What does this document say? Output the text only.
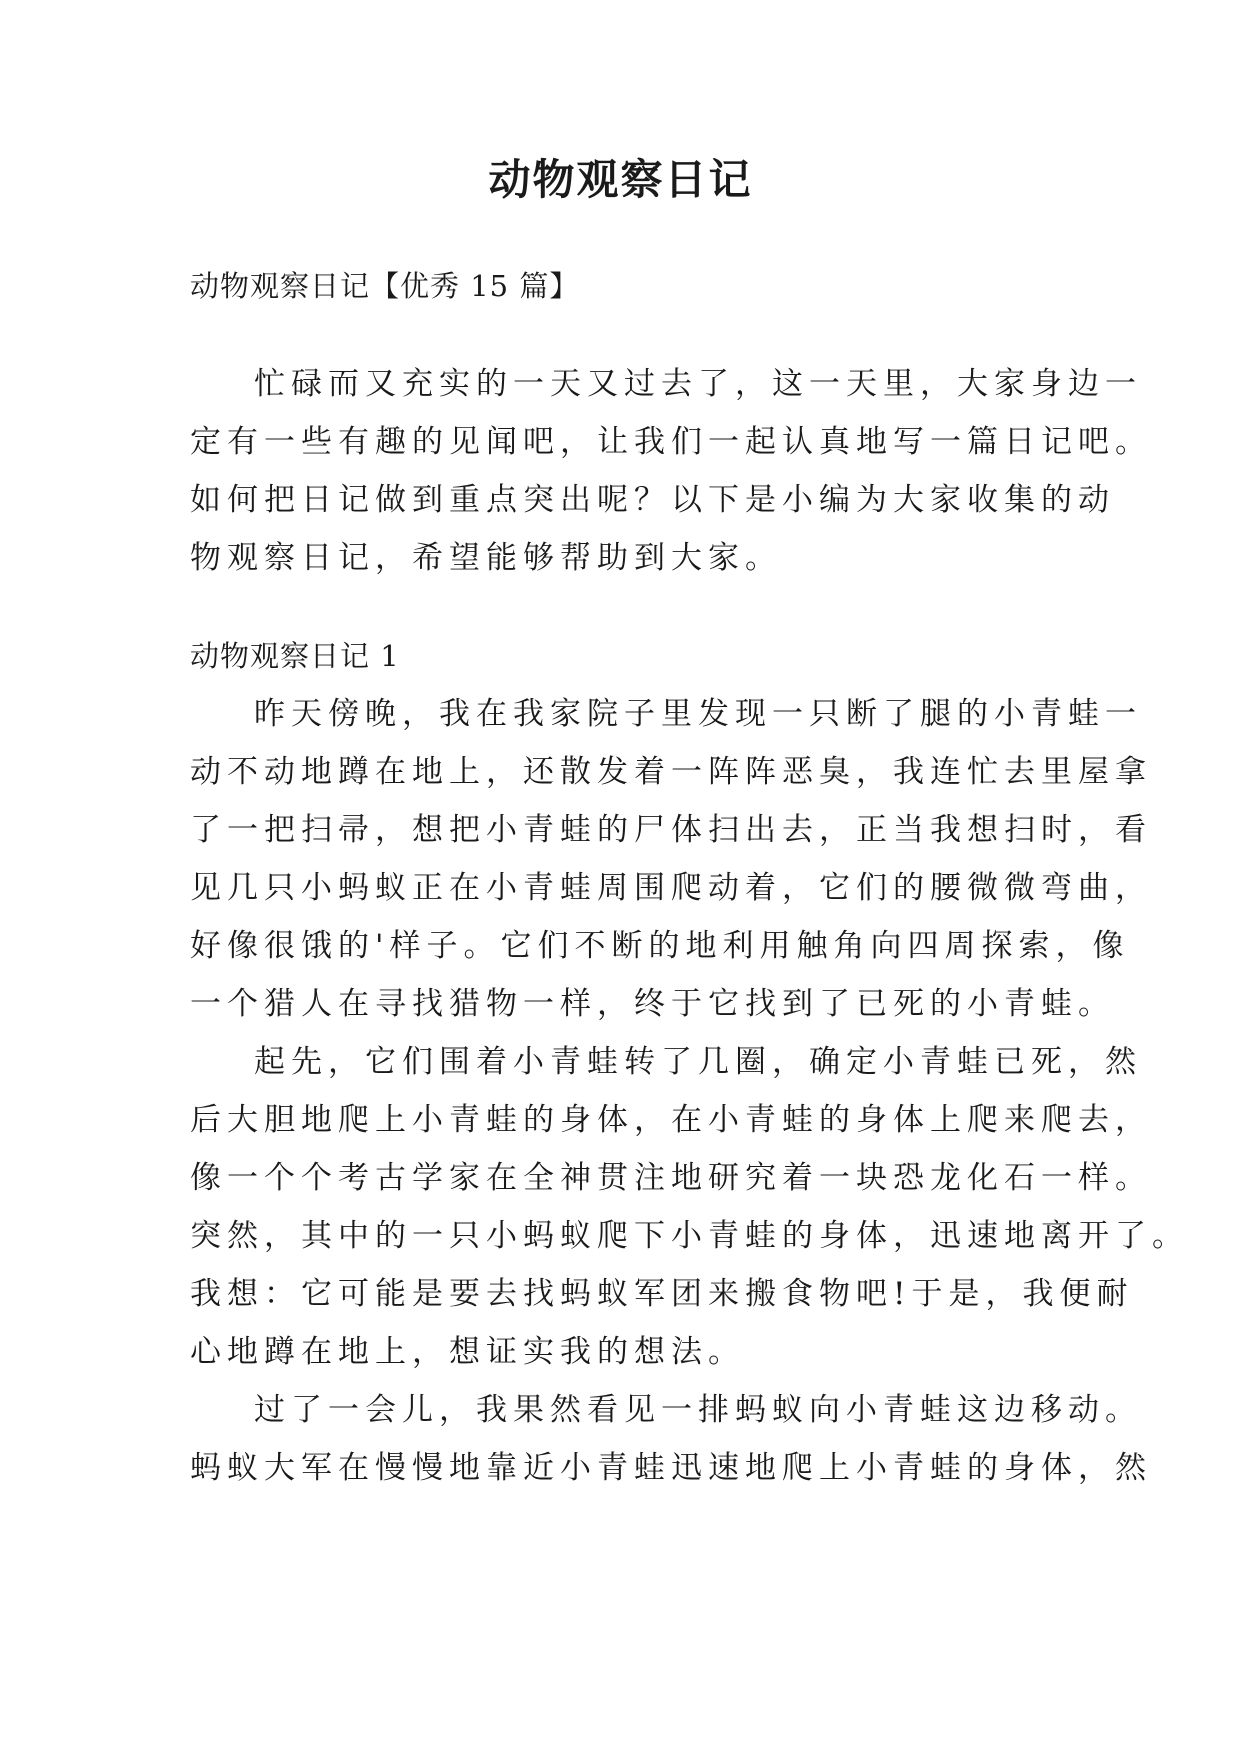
动物观察日记
动物观察日记【优秀 15 篇】
忙碌而又充实的一天又过去了，这一天里，大家身边一
定有一些有趣的见闻吧，让我们一起认真地写一篇日记吧。
如何把日记做到重点突出呢？以下是小编为大家收集的动
物观察日记，希望能够帮助到大家。
动物观察日记 1
昨天傍晚，我在我家院子里发现一只断了腿的小青蛙一
动不动地蹲在地上，还散发着一阵阵恶臭，我连忙去里屋拿
了一把扫帚，想把小青蛙的尸体扫出去，正当我想扫时，看
见几只小蚂蚁正在小青蛙周围爬动着，它们的腰微微弯曲，
好像很饿的'样子。它们不断的地利用触角向四周探索，像
一个猎人在寻找猎物一样，终于它找到了已死的小青蛙。
起先，它们围着小青蛙转了几圈，确定小青蛙已死，然
后大胆地爬上小青蛙的身体，在小青蛙的身体上爬来爬去，
像一个个考古学家在全神贯注地研究着一块恐龙化石一样。
突然，其中的一只小蚂蚁爬下小青蛙的身体，迅速地离开了。
我想：它可能是要去找蚂蚁军团来搬食物吧!于是，我便耐
心地蹲在地上，想证实我的想法。
过了一会儿，我果然看见一排蚂蚁向小青蛙这边移动。
蚂蚁大军在慢慢地靠近小青蛙迅速地爬上小青蛙的身体，然
